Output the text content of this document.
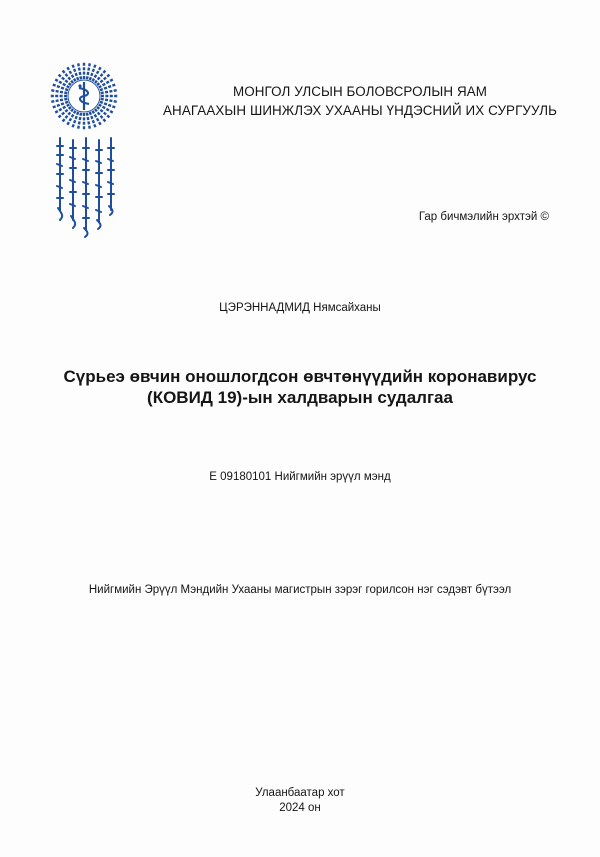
МОНГОЛ УЛСЫН БОЛОВСРОЛЫН ЯАМ
АНАГААХЫН ШИНЖЛЭХ УХААНЫ ҮНДЭСНИЙ ИХ СУРГУУЛЬ
Гар бичмэлийн эрхтэй ©
ЦЭРЭННАДМИД Нямсайханы
Сүрьеэ өвчин оношлогдсон өвчтөнүүдийн коронавирус
(КОВИД 19)-ын халдварын судалгаа
E 09180101 Нийгмийн эрүүл мэнд
Нийгмийн Эрүүл Мэндийн Ухааны магистрын зэрэг горилсон нэг сэдэвт бүтээл
Улаанбаатар хот
2024 он
